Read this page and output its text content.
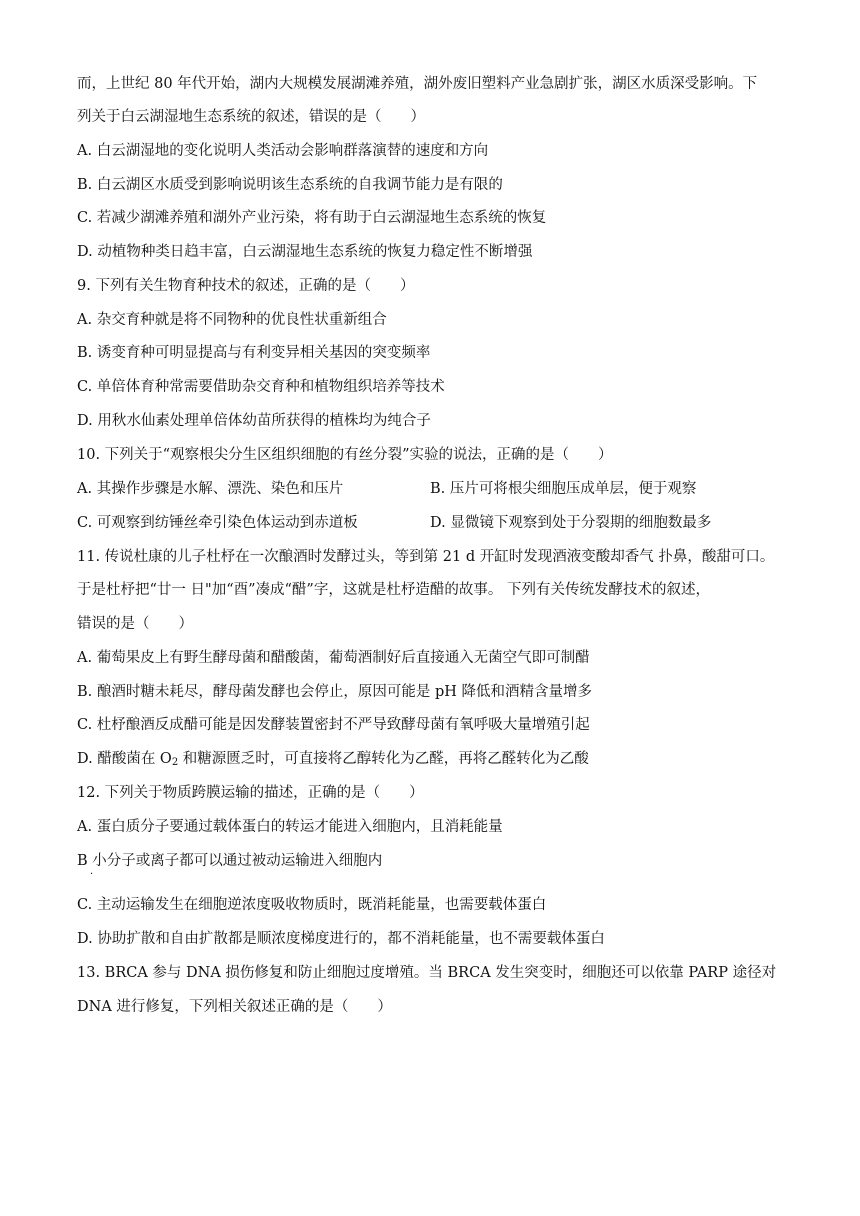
而，上世纪 80 年代开始，湖内大规模发展湖滩养殖，湖外废旧塑料产业急剧扩张，湖区水质深受影响。下
列关于白云湖湿地生态系统的叙述，错误的是（　　）
A. 白云湖湿地的变化说明人类活动会影响群落演替的速度和方向
B. 白云湖区水质受到影响说明该生态系统的自我调节能力是有限的
C. 若减少湖滩养殖和湖外产业污染，将有助于白云湖湿地生态系统的恢复
D. 动植物种类日趋丰富，白云湖湿地生态系统的恢复力稳定性不断增强
9. 下列有关生物育种技术的叙述，正确的是（　　）
A. 杂交育种就是将不同物种的优良性状重新组合
B. 诱变育种可明显提高与有利变异相关基因的突变频率
C. 单倍体育种常需要借助杂交育种和植物组织培养等技术
D. 用秋水仙素处理单倍体幼苗所获得的植株均为纯合子
10. 下列关于“观察根尖分生区组织细胞的有丝分裂”实验的说法，正确的是（　　）
A. 其操作步骤是水解、漂洗、染色和压片	B. 压片可将根尖细胞压成单层，便于观察
C. 可观察到纺锤丝牵引染色体运动到赤道板	D. 显微镜下观察到处于分裂期的细胞数最多
11. 传说杜康的儿子杜杼在一次酿酒时发酵过头，等到第 21 d 开缸时发现酒液变酸却香气 扑鼻，酸甜可口。
于是杜杼把“廿一 日"加“酉”凑成“醋”字，这就是杜杼造醋的故事。 下列有关传统发酵技术的叙述，
错误的是（　　）
A. 葡萄果皮上有野生酵母菌和醋酸菌，葡萄酒制好后直接通入无菌空气即可制醋
B. 酿酒时糖未耗尽，酵母菌发酵也会停止，原因可能是 pH 降低和酒精含量增多
C. 杜杼酿酒反成醋可能是因发酵装置密封不严导致酵母菌有氧呼吸大量增殖引起
D. 醋酸菌在 $O_2$ 和糖源匮乏时，可直接将乙醇转化为乙醛，再将乙醛转化为乙酸
12. 下列关于物质跨膜运输的描述，正确的是（　　）
A. 蛋白质分子要通过载体蛋白的转运才能进入细胞内，且消耗能量
B 小分子或离子都可以通过被动运输进入细胞内
·
C. 主动运输发生在细胞逆浓度吸收物质时，既消耗能量，也需要载体蛋白
D. 协助扩散和自由扩散都是顺浓度梯度进行的，都不消耗能量，也不需要载体蛋白
13. BRCA 参与 DNA 损伤修复和防止细胞过度增殖。当 BRCA 发生突变时，细胞还可以依靠 PARP 途径对
DNA 进行修复，下列相关叙述正确的是（　　）
